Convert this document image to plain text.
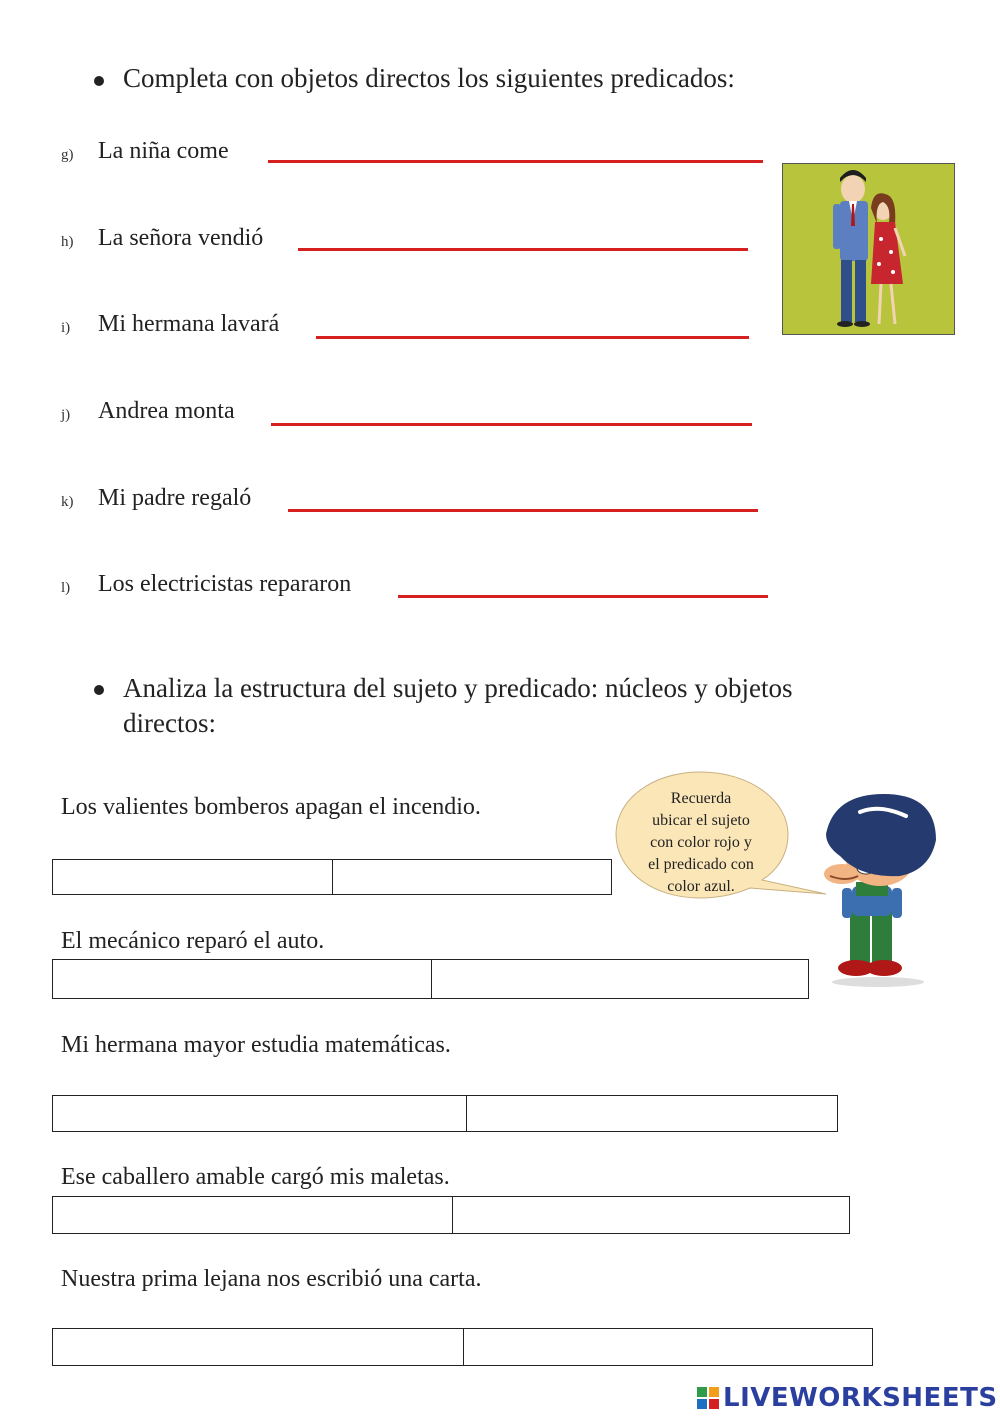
Completa con objetos directos los siguientes predicados:
g) La niña come
h) La señora vendió
i) Mi hermana lavará
j) Andrea monta
k) Mi padre regaló
l) Los electricistas repararon
Analiza la estructura del sujeto y predicado: núcleos y objetos
directos:
Los valientes bomberos apagan el incendio.
El mecánico reparó el auto.
Mi hermana mayor estudia matemáticas.
Ese caballero amable cargó mis maletas.
Nuestra prima lejana nos escribió una carta.
Recuerda
ubicar el sujeto
con color rojo y
el predicado con
color azul.
LIVEWORKSHEETS
